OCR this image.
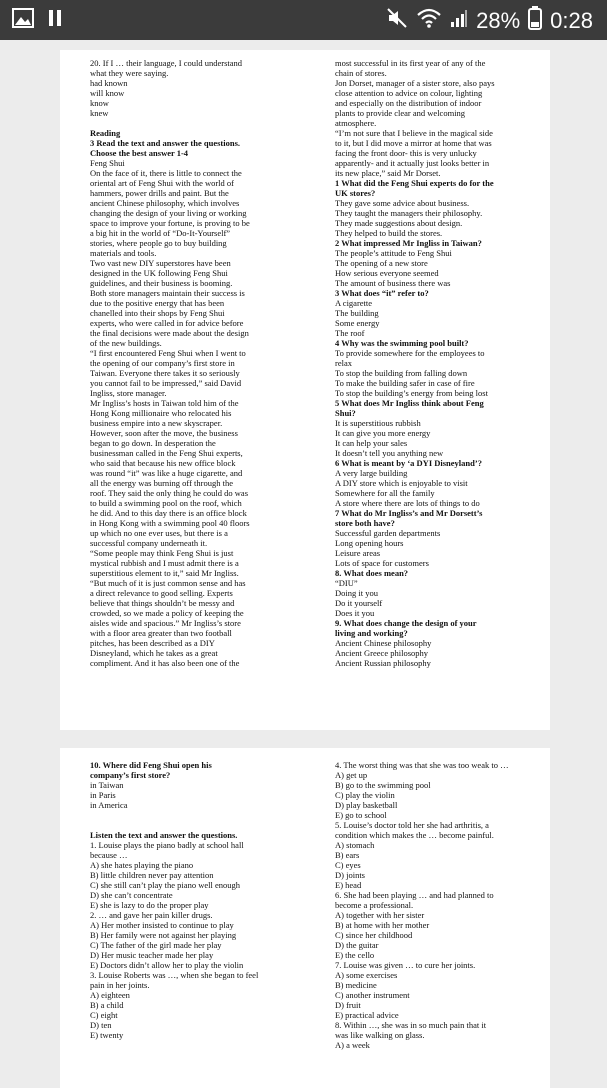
28% 0:28
20. If I … their language, I could understand
what they were saying.
had known
will know
know
knew
Reading
3 Read the text and answer the questions.
Choose the best answer 1-4
Feng Shui
On the face of it, there is little to connect the
oriental art of Feng Shui with the world of
hammers, power drills and paint. But the
ancient Chinese philosophy, which involves
changing the design of your living or working
space to improve your fortune, is proving to be
a big hit in the world of “Do-It-Yourself”
stories, where people go to buy building
materials and tools.
Two vast new DIY superstores have been
designed in the UK following Feng Shui
guidelines, and their business is booming.
Both store managers maintain their success is
due to the positive energy that has been
chanelled into their shops by Feng Shui
experts, who were called in for advice before
the final decisions were made about the design
of the new buildings.
“I first encountered Feng Shui when I went to
the opening of our company’s first store in
Taiwan. Everyone there takes it so seriously
you cannot fail to be impressed,” said David
Ingliss, store manager.
Mr Ingliss’s hosts in Taiwan told him of the
Hong Kong millionaire who relocated his
business empire into a new skyscraper.
However, soon after the move, the business
began to go down. In desperation the
businessman called in the Feng Shui experts,
who said that because his new office block
was round “it” was like a huge cigarette, and
all the energy was burning off through the
roof. They said the only thing he could do was
to build a swimming pool on the roof, which
he did. And to this day there is an office block
in Hong Kong with a swimming pool 40 floors
up which no one ever uses, but there is a
successful company underneath it.
“Some people may think Feng Shui is just
mystical rubbish and I must admit there is a
superstitious element to it,” said Mr Ingliss.
“But much of it is just common sense and has
a direct relevance to good selling. Experts
believe that things shouldn’t be messy and
crowded, so we made a policy of keeping the
aisles wide and spacious.” Mr Ingliss’s store
with a floor area greater than two football
pitches, has been described as a DIY
Disneyland, which he takes as a great
compliment. And it has also been one of the
most successful in its first year of any of the
chain of stores.
Jon Dorset, manager of a sister store, also pays
close attention to advice on colour, lighting
and especially on the distribution of indoor
plants to provide clear and welcoming
atmosphere.
“I’m not sure that I believe in the magical side
to it, but I did move a mirror at home that was
facing the front door- this is very unlucky
apparently- and it actually just looks better in
its new place,” said Mr Dorset.
1 What did the Feng Shui experts do for the
UK stores?
They gave some advice about business.
They taught the managers their philosophy.
They made suggestions about design.
They helped to build the stores.
2 What impressed Mr Ingliss in Taiwan?
The people’s attitude to Feng Shui
The opening of a new store
How serious everyone seemed
The amount of business there was
3 What does “it” refer to?
A cigarette
The building
Some energy
The roof
4 Why was the swimming pool built?
To provide somewhere for the employees to
relax
To stop the building from falling down
To make the building safer in case of fire
To stop the building’s energy from being lost
5 What does Mr Ingliss think about Feng
Shui?
It is superstitious rubbish
It can give you more energy
It can help your sales
It doesn’t tell you anything new
6 What is meant by ‘a DYI Disneyland’?
A very large building
A DIY store which is enjoyable to visit
Somewhere for all the family
A store where there are lots of things to do
7 What do Mr Ingliss’s and Mr Dorsett’s
store both have?
Successful garden departments
Long opening hours
Leisure areas
Lots of space for customers
8. What does mean?
“DIU”
Doing it you
Do it yourself
Does it you
9. What does change the design of your
living and working?
Ancient Chinese philosophy
Ancient Greece philosophy
Ancient Russian philosophy
10. Where did Feng Shui open his
company’s first store?
in Taiwan
in Paris
in America
Listen the text and answer the questions.
1. Louise plays the piano badly at school hall
because …
A) she hates playing the piano
B) little children never pay attention
C) she still can’t play the piano well enough
D) she can’t concentrate
E) she is lazy to do the proper play
2. … and gave her pain killer drugs.
A) Her mother insisted to continue to play
B) Her family were not against her playing
C) The father of the girl made her play
D) Her music teacher made her play
E) Doctors didn’t allow her to play the violin
3. Louise Roberts was …, when she began to feel
pain in her joints.
A) eighteen
B) a child
C) eight
D) ten
E) twenty
4. The worst thing was that she was too weak to …
A) get up
B) go to the swimming pool
C) play the violin
D) play basketball
E) go to school
5. Louise’s doctor told her she had arthritis, a
condition which makes the … become painful.
A) stomach
B) ears
C) eyes
D) joints
E) head
6. She had been playing … and had planned to
become a professional.
A) together with her sister
B) at home with her mother
C) since her childhood
D) the guitar
E) the cello
7. Louise was given … to cure her joints.
A) some exercises
B) medicine
C) another instrument
D) fruit
E) practical advice
8. Within …, she was in so much pain that it
was like walking on glass.
A) a week
